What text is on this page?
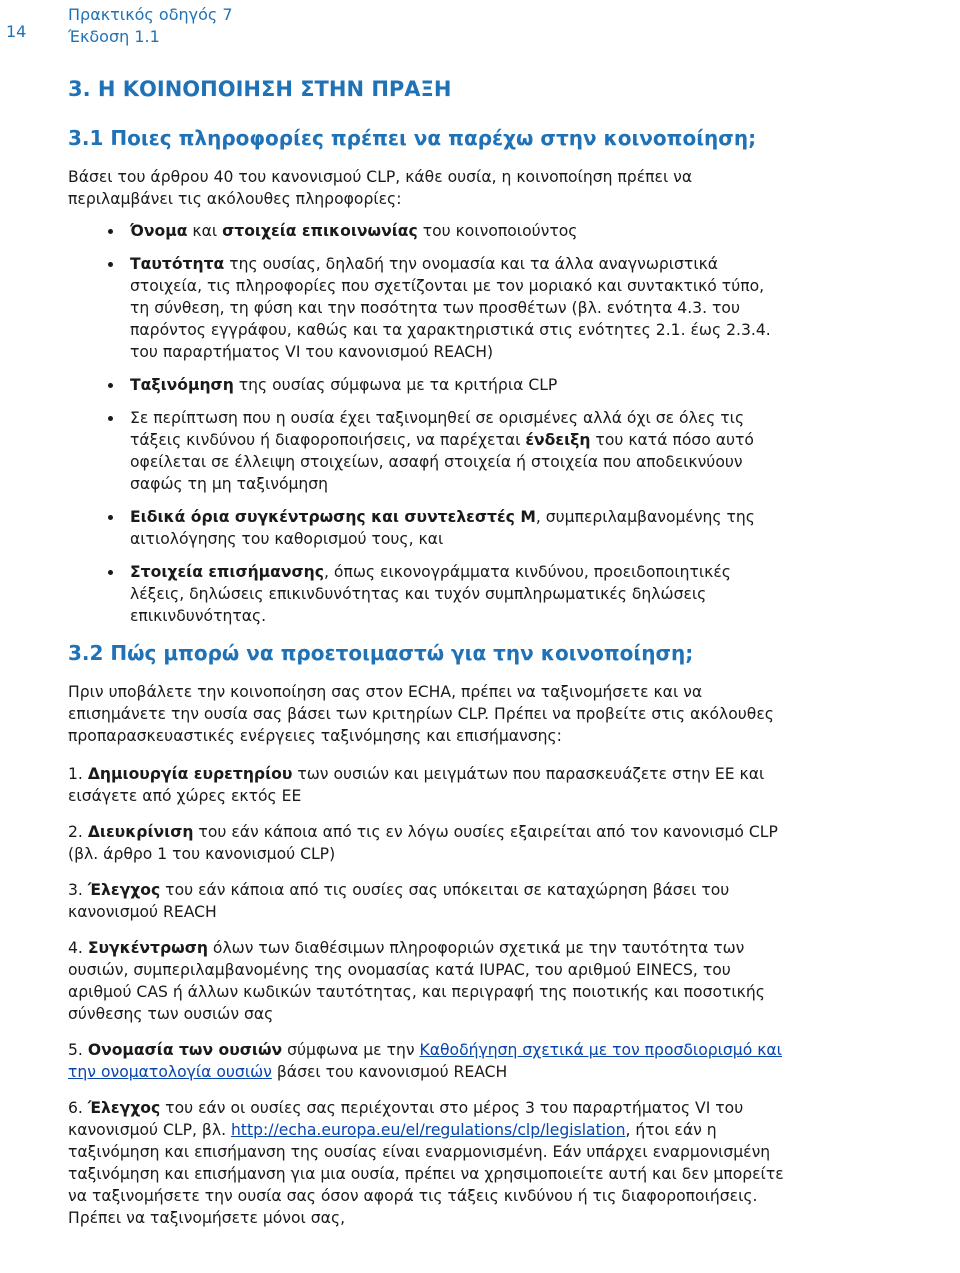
14
Πρακτικός οδηγός 7
Έκδοση 1.1
3. Η ΚΟΙΝΟΠΟΙΗΣΗ ΣΤΗΝ ΠΡΑΞΗ
3.1 Ποιες πληροφορίες πρέπει να παρέχω στην κοινοποίηση;

Βάσει του άρθρου 40 του κανονισμού CLP, κάθε ουσία, η κοινοποίηση πρέπει να περιλαμβάνει τις ακόλουθες πληροφορίες:

Όνομα και στοιχεία επικοινωνίας του κοινοποιούντος
Ταυτότητα της ουσίας, δηλαδή την ονομασία και τα άλλα αναγνωριστικά στοιχεία, τις πληροφορίες που σχετίζονται με τον μοριακό και συντακτικό τύπο, τη σύνθεση, τη φύση και την ποσότητα των προσθέτων (βλ. ενότητα 4.3. του παρόντος εγγράφου, καθώς και τα χαρακτηριστικά στις ενότητες 2.1. έως 2.3.4. του παραρτήματος VI του κανονισμού REACH)
Ταξινόμηση της ουσίας σύμφωνα με τα κριτήρια CLP
Σε περίπτωση που η ουσία έχει ταξινομηθεί σε ορισμένες αλλά όχι σε όλες τις τάξεις κινδύνου ή διαφοροποιήσεις, να παρέχεται ένδειξη του κατά πόσο αυτό οφείλεται σε έλλειψη στοιχείων, ασαφή στοιχεία ή στοιχεία που αποδεικνύουν σαφώς τη μη ταξινόμηση
Ειδικά όρια συγκέντρωσης και συντελεστές Μ, συμπεριλαμβανομένης της αιτιολόγησης του καθορισμού τους, και
Στοιχεία επισήμανσης, όπως εικονογράμματα κινδύνου, προειδοποιητικές λέξεις, δηλώσεις επικινδυνότητας και τυχόν συμπληρωματικές δηλώσεις επικινδυνότητας.
3.2 Πώς μπορώ να προετοιμαστώ για την κοινοποίηση;

Πριν υποβάλετε την κοινοποίηση σας στον ECHA, πρέπει να ταξινομήσετε και να επισημάνετε την ουσία σας βάσει των κριτηρίων CLP. Πρέπει να προβείτε στις ακόλουθες προπαρασκευαστικές ενέργειες ταξινόμησης και επισήμανσης:

1. Δημιουργία ευρετηρίου των ουσιών και μειγμάτων που παρασκευάζετε στην ΕΕ και εισάγετε από χώρες εκτός ΕΕ

2. Διευκρίνιση του εάν κάποια από τις εν λόγω ουσίες εξαιρείται από τον κανονισμό CLP (βλ. άρθρο 1 του κανονισμού CLP)

3. Έλεγχος του εάν κάποια από τις ουσίες σας υπόκειται σε καταχώρηση βάσει του κανονισμού REACH

4. Συγκέντρωση όλων των διαθέσιμων πληροφοριών σχετικά με την ταυτότητα των ουσιών, συμπεριλαμβανομένης της ονομασίας κατά IUPAC, του αριθμού EINECS, του αριθμού CAS ή άλλων κωδικών ταυτότητας, και περιγραφή της ποιοτικής και ποσοτικής σύνθεσης των ουσιών σας

5. Ονομασία των ουσιών σύμφωνα με την Καθοδήγηση σχετικά με τον προσδιορισμό και την ονοματολογία ουσιών βάσει του κανονισμού REACH

6. Έλεγχος του εάν οι ουσίες σας περιέχονται στο μέρος 3 του παραρτήματος VI του κανονισμού CLP, βλ. http://echa.europa.eu/el/regulations/clp/legislation, ήτοι εάν η ταξινόμηση και επισήμανση της ουσίας είναι εναρμονισμένη. Εάν υπάρχει εναρμονισμένη ταξινόμηση και επισήμανση για μια ουσία, πρέπει να χρησιμοποιείτε αυτή και δεν μπορείτε να ταξινομήσετε την ουσία σας όσον αφορά τις τάξεις κινδύνου ή τις διαφοροποιήσεις. Πρέπει να ταξινομήσετε μόνοι σας,
